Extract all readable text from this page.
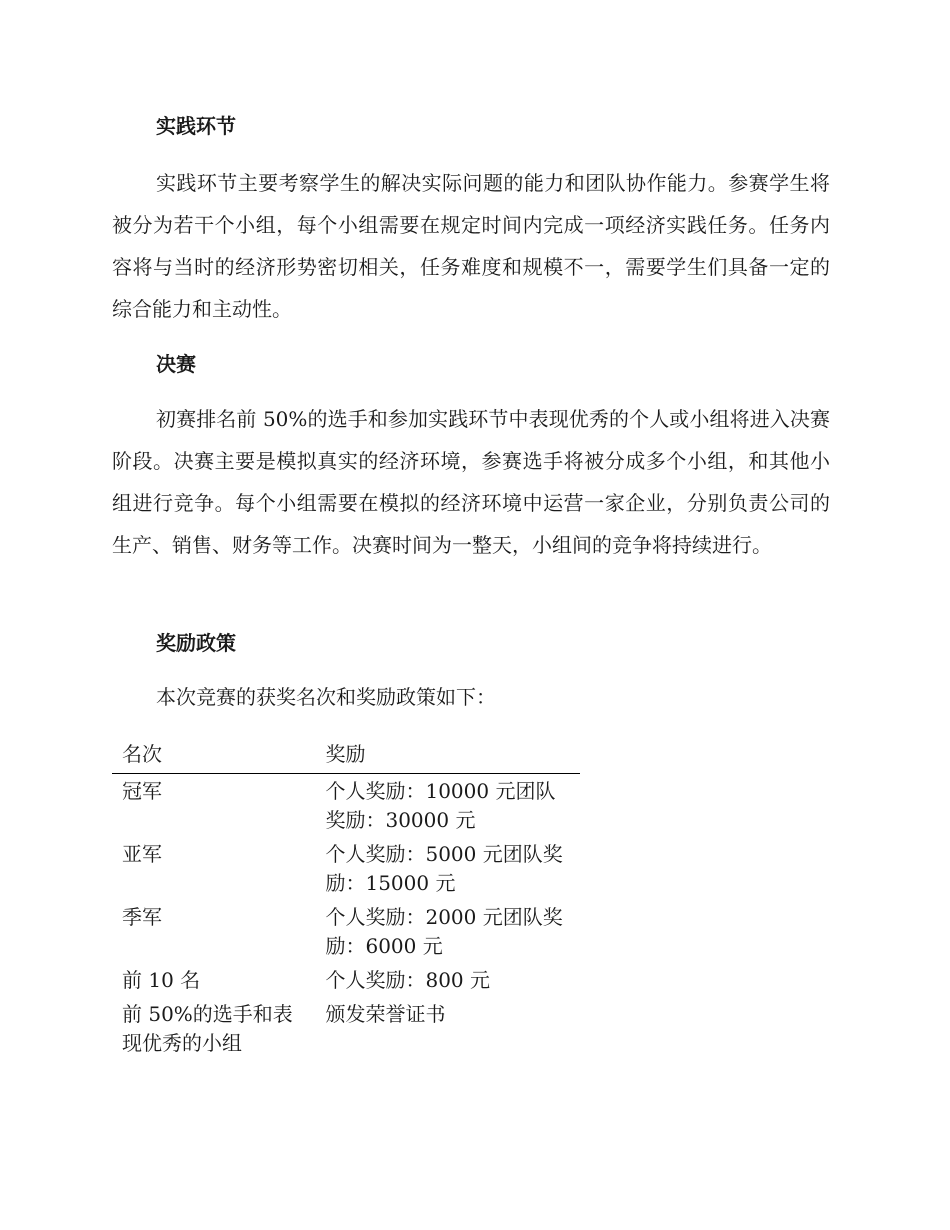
实践环节

实践环节主要考察学生的解决实际问题的能力和团队协作能力。参赛学生将被分为若干个小组，每个小组需要在规定时间内完成一项经济实践任务。任务内容将与当时的经济形势密切相关，任务难度和规模不一，需要学生们具备一定的综合能力和主动性。

决赛

初赛排名前 50%的选手和参加实践环节中表现优秀的个人或小组将进入决赛阶段。决赛主要是模拟真实的经济环境，参赛选手将被分成多个小组，和其他小组进行竞争。每个小组需要在模拟的经济环境中运营一家企业，分别负责公司的生产、销售、财务等工作。决赛时间为一整天，小组间的竞争将持续进行。

奖励政策

本次竞赛的获奖名次和奖励政策如下：

名次	奖励
冠军	个人奖励：10000 元团队奖励：30000 元
亚军	个人奖励：5000 元团队奖励：15000 元
季军	个人奖励：2000 元团队奖励：6000 元
前 10 名	个人奖励：800 元
前 50%的选手和表现优秀的小组	颁发荣誉证书
